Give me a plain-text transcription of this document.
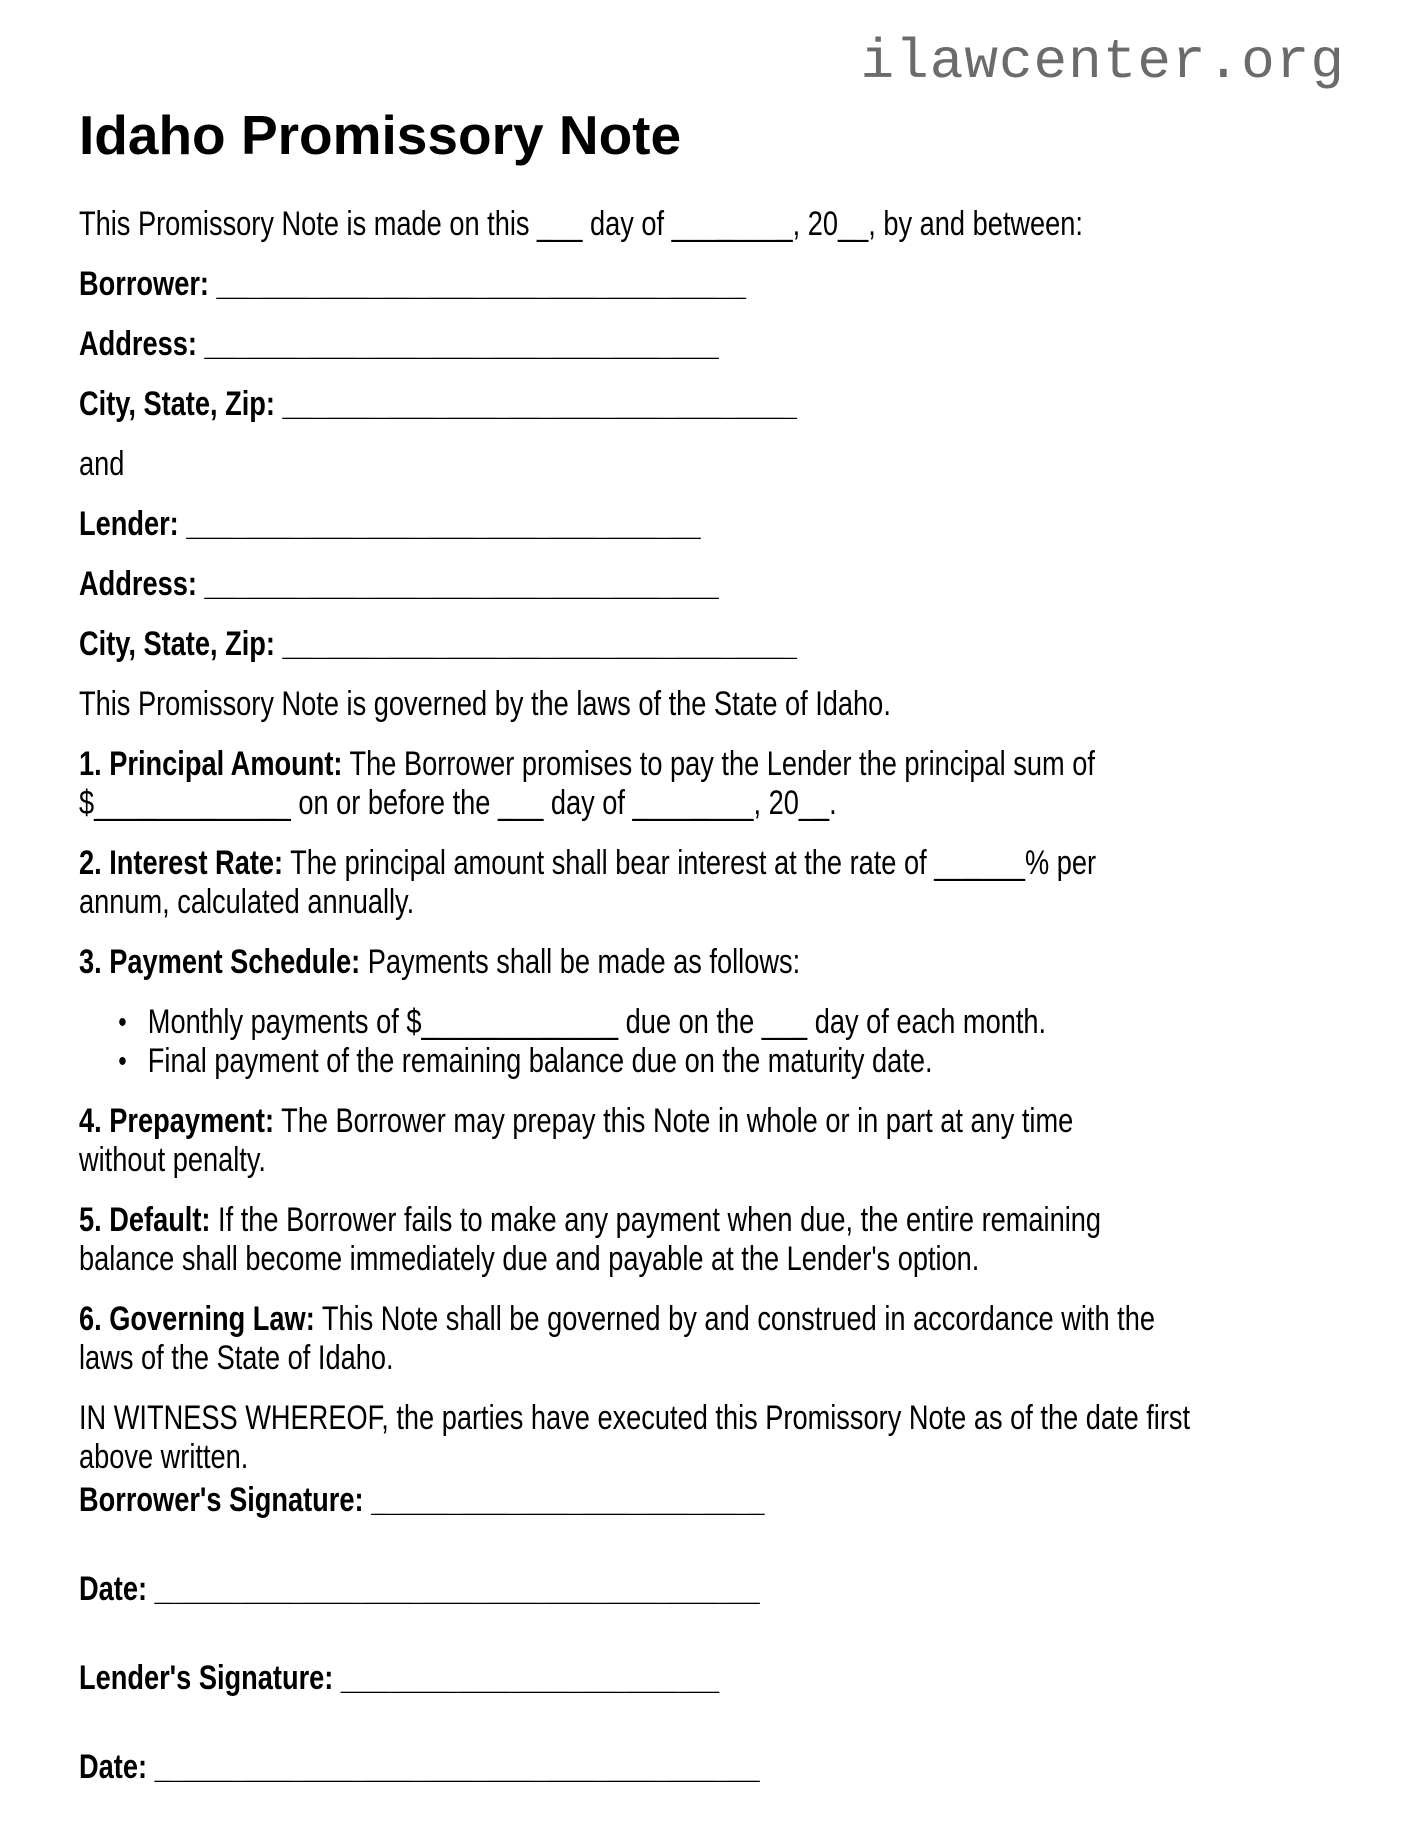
ilawcenter.org
Idaho Promissory Note

This Promissory Note is made on this ___ day of ________, 20__, by and between:

Borrower: ___________________________________

Address: __________________________________

City, State, Zip: __________________________________

and

Lender: __________________________________

Address: __________________________________

City, State, Zip: __________________________________

This Promissory Note is governed by the laws of the State of Idaho.

1. Principal Amount: The Borrower promises to pay the Lender the principal sum of
$_____________ on or before the ___ day of ________, 20__.

2. Interest Rate: The principal amount shall bear interest at the rate of ______% per
annum, calculated annually.

3. Payment Schedule: Payments shall be made as follows:

• Monthly payments of $_____________ due on the ___ day of each month.
• Final payment of the remaining balance due on the maturity date.

4. Prepayment: The Borrower may prepay this Note in whole or in part at any time
without penalty.

5. Default: If the Borrower fails to make any payment when due, the entire remaining
balance shall become immediately due and payable at the Lender's option.

6. Governing Law: This Note shall be governed by and construed in accordance with the
laws of the State of Idaho.

IN WITNESS WHEREOF, the parties have executed this Promissory Note as of the date first
above written.

Borrower's Signature: __________________________

Date: ________________________________________

Lender's Signature: _________________________

Date: ________________________________________
